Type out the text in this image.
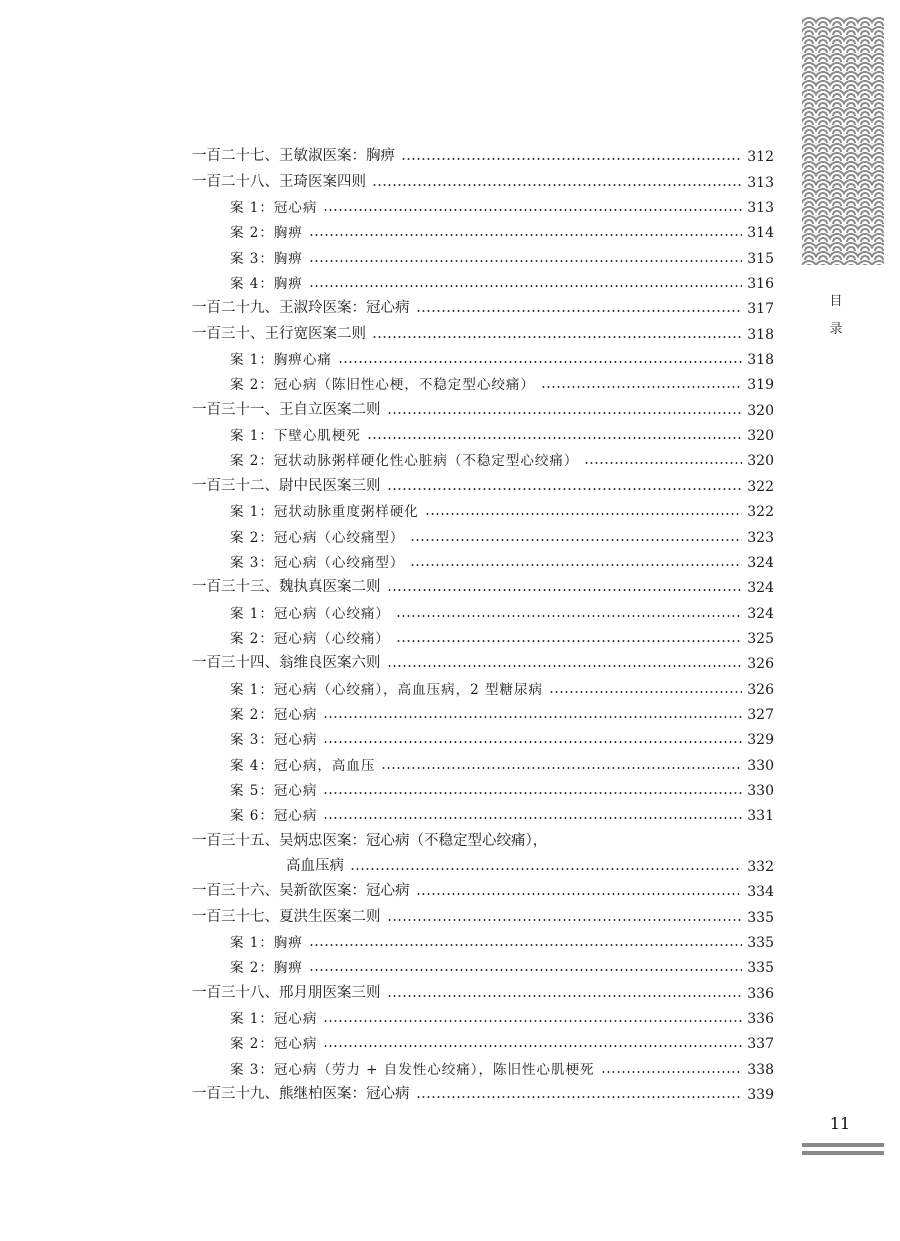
目 录
一百二十七、王敏淑医案：胸痹	312
一百二十八、王琦医案四则	313
案 1：冠心病	313
案 2：胸痹	314
案 3：胸痹	315
案 4：胸痹	316
一百二十九、王淑玲医案：冠心病	317
一百三十、王行宽医案二则	318
案 1：胸痹心痛	318
案 2：冠心病（陈旧性心梗，不稳定型心绞痛）	319
一百三十一、王自立医案二则	320
案 1：下壁心肌梗死	320
案 2：冠状动脉粥样硬化性心脏病（不稳定型心绞痛）	320
一百三十二、尉中民医案三则	322
案 1：冠状动脉重度粥样硬化	322
案 2：冠心病（心绞痛型）	323
案 3：冠心病（心绞痛型）	324
一百三十三、魏执真医案二则	324
案 1：冠心病（心绞痛）	324
案 2：冠心病（心绞痛）	325
一百三十四、翁维良医案六则	326
案 1：冠心病（心绞痛），高血压病，2 型糖尿病	326
案 2：冠心病	327
案 3：冠心病	329
案 4：冠心病，高血压	330
案 5：冠心病	330
案 6：冠心病	331
一百三十五、吴炳忠医案：冠心病（不稳定型心绞痛），
高血压病	332
一百三十六、吴新欲医案：冠心病	334
一百三十七、夏洪生医案二则	335
案 1：胸痹	335
案 2：胸痹	335
一百三十八、邢月朋医案三则	336
案 1：冠心病	336
案 2：冠心病	337
案 3：冠心病（劳力 + 自发性心绞痛），陈旧性心肌梗死	338
一百三十九、熊继柏医案：冠心病	339
11
